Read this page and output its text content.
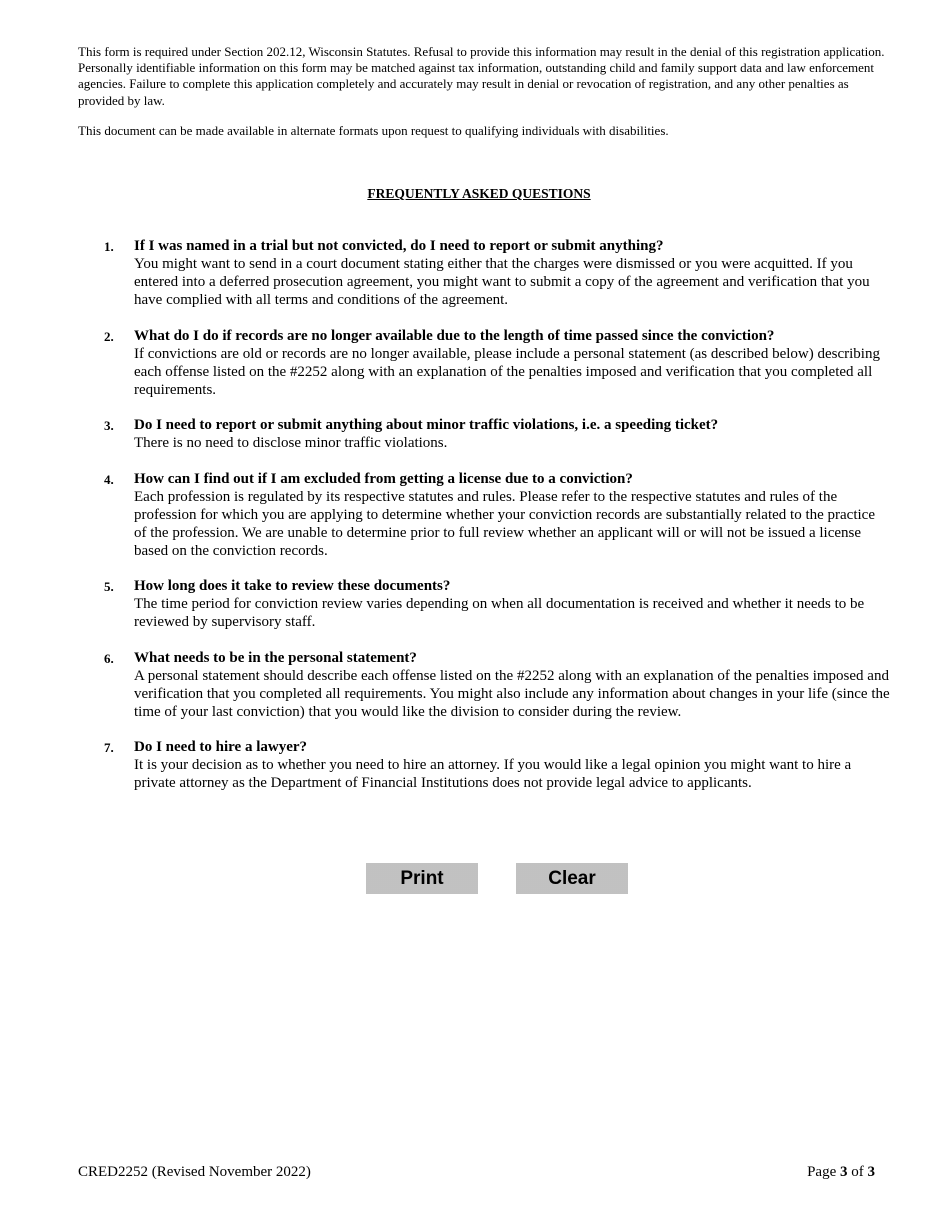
This form is required under Section 202.12, Wisconsin Statutes. Refusal to provide this information may result in the denial of this registration application. Personally identifiable information on this form may be matched against tax information, outstanding child and family support data and law enforcement agencies. Failure to complete this application completely and accurately may result in denial or revocation of registration, and any other penalties as provided by law.

This document can be made available in alternate formats upon request to qualifying individuals with disabilities.

FREQUENTLY ASKED QUESTIONS
1. If I was named in a trial but not convicted, do I need to report or submit anything?

You might want to send in a court document stating either that the charges were dismissed or you were acquitted. If you entered into a deferred prosecution agreement, you might want to submit a copy of the agreement and verification that you have complied with all terms and conditions of the agreement.

2. What do I do if records are no longer available due to the length of time passed since the conviction?

If convictions are old or records are no longer available, please include a personal statement (as described below) describing each offense listed on the #2252 along with an explanation of the penalties imposed and verification that you completed all requirements.

3. Do I need to report or submit anything about minor traffic violations, i.e. a speeding ticket?

There is no need to disclose minor traffic violations.

4. How can I find out if I am excluded from getting a license due to a conviction?

Each profession is regulated by its respective statutes and rules. Please refer to the respective statutes and rules of the profession for which you are applying to determine whether your conviction records are substantially related to the practice of the profession. We are unable to determine prior to full review whether an applicant will or will not be issued a license based on the conviction records.

5. How long does it take to review these documents?

The time period for conviction review varies depending on when all documentation is received and whether it needs to be reviewed by supervisory staff.

6. What needs to be in the personal statement?

A personal statement should describe each offense listed on the #2252 along with an explanation of the penalties imposed and verification that you completed all requirements. You might also include any information about changes in your life (since the time of your last conviction) that you would like the division to consider during the review.

7. Do I need to hire a lawyer?

It is your decision as to whether you need to hire an attorney. If you would like a legal opinion you might want to hire a private attorney as the Department of Financial Institutions does not provide legal advice to applicants.

Print	Clear
CRED2252 (Revised November 2022)	Page 3 of 3
